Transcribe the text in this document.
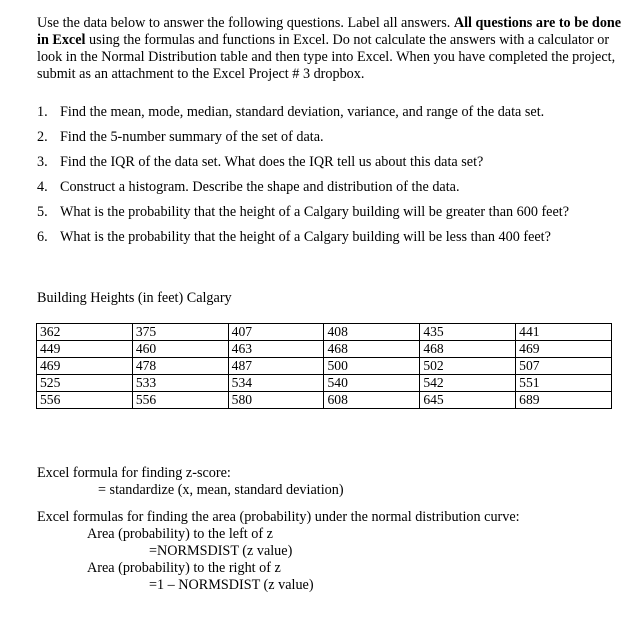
Use the data below to answer the following questions. Label all answers. All questions are to be done in Excel using the formulas and functions in Excel. Do not calculate the answers with a calculator or look in the Normal Distribution table and then type into Excel. When you have completed the project, submit as an attachment to the Excel Project # 3 dropbox.

1. Find the mean, mode, median, standard deviation, variance, and range of the data set.
2. Find the 5-number summary of the set of data.
3. Find the IQR of the data set. What does the IQR tell us about this data set?
4. Construct a histogram. Describe the shape and distribution of the data.
5. What is the probability that the height of a Calgary building will be greater than 600 feet?
6. What is the probability that the height of a Calgary building will be less than 400 feet?
Building Heights (in feet) Calgary
362	375	407	408	435	441
449	460	463	468	468	469
469	478	487	500	502	507
525	533	534	540	542	551
556	556	580	608	645	689
Excel formula for finding z-score:
= standardize (x, mean, standard deviation)
Excel formulas for finding the area (probability) under the normal distribution curve:
Area (probability) to the left of z
=NORMSDIST (z value)
Area (probability) to the right of z
=1 – NORMSDIST (z value)
